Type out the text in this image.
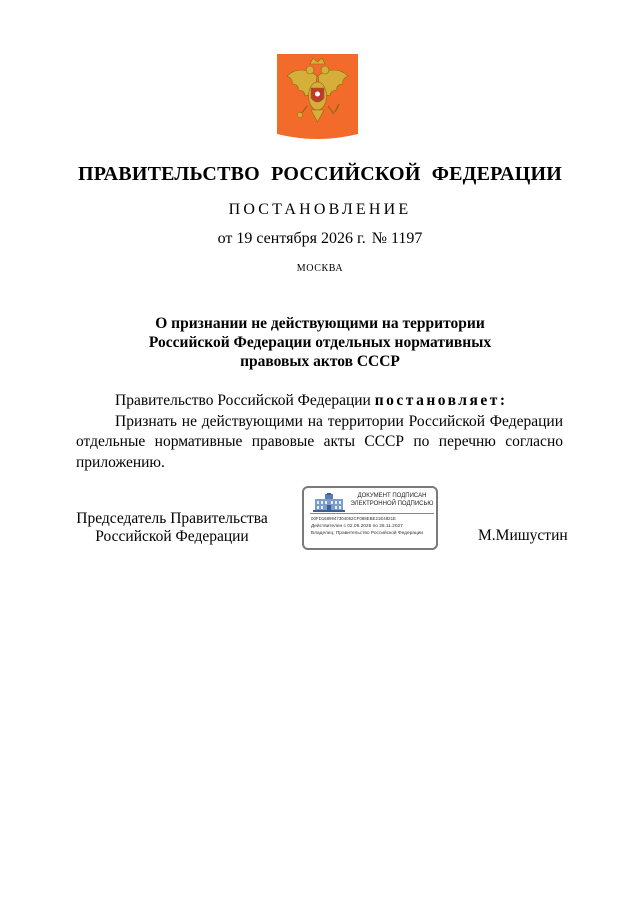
ПРАВИТЕЛЬСТВО РОССИЙСКОЙ ФЕДЕРАЦИИ
ПОСТАНОВЛЕНИЕ
от 19 сентября 2026 г. № 1197
МОСКВА
О признании не действующими на территории
Российской Федерации отдельных нормативных
правовых актов СССР
Правительство Российской Федерации постановляет:
Признать не действующими на территории Российской Федерации отдельные нормативные правовые акты СССР по перечню согласно приложению.
Председатель Правительства
Российской Федерации
ДОКУМЕНТ ПОДПИСАН
ЭЛЕКТРОННОЙ ПОДПИСЬЮ
00FD1689947304062CF088EBE21E4821E
Действителен с 02.09.2026 по 26.11.2027
Владелец: Правительство Российской Федерации	М.Мишустин
